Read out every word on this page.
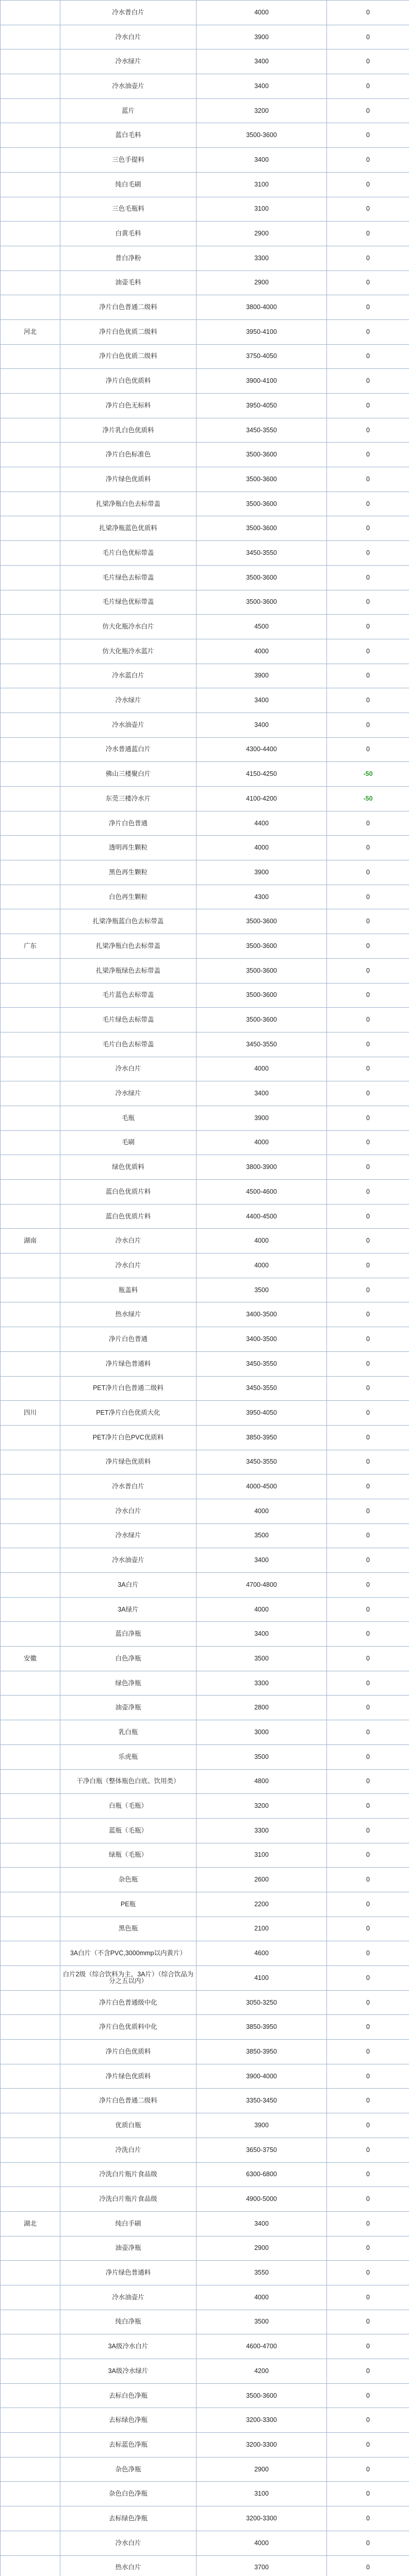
	冷水普白片	4000	0
	冷水白片	3900	0
	冷水绿片	3400	0
	冷水油壶片	3400	0
	蓝片	3200	0
	蓝白毛料	3500-3600	0
	三色手提料	3400	0
	纯白毛刷	3100	0
	三色毛瓶料	3100	0
	白黄毛料	2900	0
	普白净粉	3300	0
	油壶毛料	2900	0
	净片白色普通二级料	3800-4000	0
河北	净片白色优质二级料	3950-4100	0
	净片白色优质二级料	3750-4050	0
	净片白色优质料	3900-4100	0
	净片白色无标料	3950-4050	0
	净片乳白色优质料	3450-3550	0
	净片白色标准色	3500-3600	0
	净片绿色优质料	3500-3600	0
	扎梁净瓶白色去标带盖	3500-3600	0
	扎梁净瓶蓝色优质料	3500-3600	0
	毛片白色优标带盖	3450-3550	0
	毛片绿色去标带盖	3500-3600	0
	毛片绿色优标带盖	3500-3600	0
	仿大化瓶冷水白片	4500	0
	仿大化瓶冷水蓝片	4000	0
	冷水蓝白片	3900	0
	冷水绿片	3400	0
	冷水油壶片	3400	0
	冷水普通蓝白片	4300-4400	0
	佛山三楼聚白片	4150-4250	-50
	东莞三楼冷水片	4100-4200	-50
	净片白色普通	4400	0
	透明再生颗粒	4000	0
	黑色再生颗粒	3900	0
	白色再生颗粒	4300	0
	扎梁净瓶蓝白色去标带盖	3500-3600	0
广东	扎梁净瓶白色去标带盖	3500-3600	0
	扎梁净瓶绿色去标带盖	3500-3600	0
	毛片蓝色去标带盖	3500-3600	0
	毛片绿色去标带盖	3500-3600	0
	毛片白色去标带盖	3450-3550	0
	冷水白片	4000	0
	冷水绿片	3400	0
	毛瓶	3900	0
	毛刷	4000	0
	绿色优质料	3800-3900	0
	蓝白色优质片料	4500-4600	0
	蓝白色优质片料	4400-4500	0
湖南	冷水白片	4000	0
	冷水白片	4000	0
	瓶盖料	3500	0
	热水绿片	3400-3500	0
	净片白色普通	3400-3500	0
	净片绿色普通料	3450-3550	0
	PET净片白色普通二级料	3450-3550	0
四川	PET净片白色优质大化	3950-4050	0
	PET净片白色PVC优质料	3850-3950	0
	净片绿色优质料	3450-3550	0
	冷水普白片	4000-4500	0
	冷水白片	4000	0
	冷水绿片	3500	0
	冷水油壶片	3400	0
	3A白片	4700-4800	0
	3A绿片	4000	0
	蓝白净瓶	3400	0
安徽	白色净瓶	3500	0
	绿色净瓶	3300	0
	油壶净瓶	2800	0
	乳白瓶	3000	0
	乐虎瓶	3500	0
	干净白瓶（整体瓶色白底、饮用类）	4800	0
	白瓶（毛瓶）	3200	0
	蓝瓶（毛瓶）	3300	0
	绿瓶（毛瓶）	3100	0
	杂色瓶	2600	0
	PE瓶	2200	0
	黑色瓶	2100	0
	3A白片（不含PVC,3000mmp以内黄片）	4600	0
	白片2级（综合饮料为主，3A片）（综合饮品为分之五以内）	4100	0
	净片白色普通级中化	3050-3250	0
	净片白色优质料中化	3850-3950	0
	净片白色优质料	3850-3950	0
	净片绿色优质料	3900-4000	0
	净片白色普通二级料	3350-3450	0
	优质白瓶	3900	0
	冷洗白片	3650-3750	0
	冷洗白片瓶片食品级	6300-6800	0
	冷洗白片瓶片食品级	4900-5000	0
湖北	纯白手刷	3400	0
	油壶净瓶	2900	0
	净片绿色普通料	3550	0
	冷水油壶片	4000	0
	纯白净瓶	3500	0
	3A级冷水白片	4600-4700	0
	3A级冷水绿片	4200	0
	去标白色净瓶	3500-3600	0
	去标绿色净瓶	3200-3300	0
	去标蓝色净瓶	3200-3300	0
	杂色净瓶	2900	0
	杂色白色净瓶	3100	0
	去标绿色净瓶	3200-3300	0
	冷水白片	4000	0
	热水白片	3700	0
